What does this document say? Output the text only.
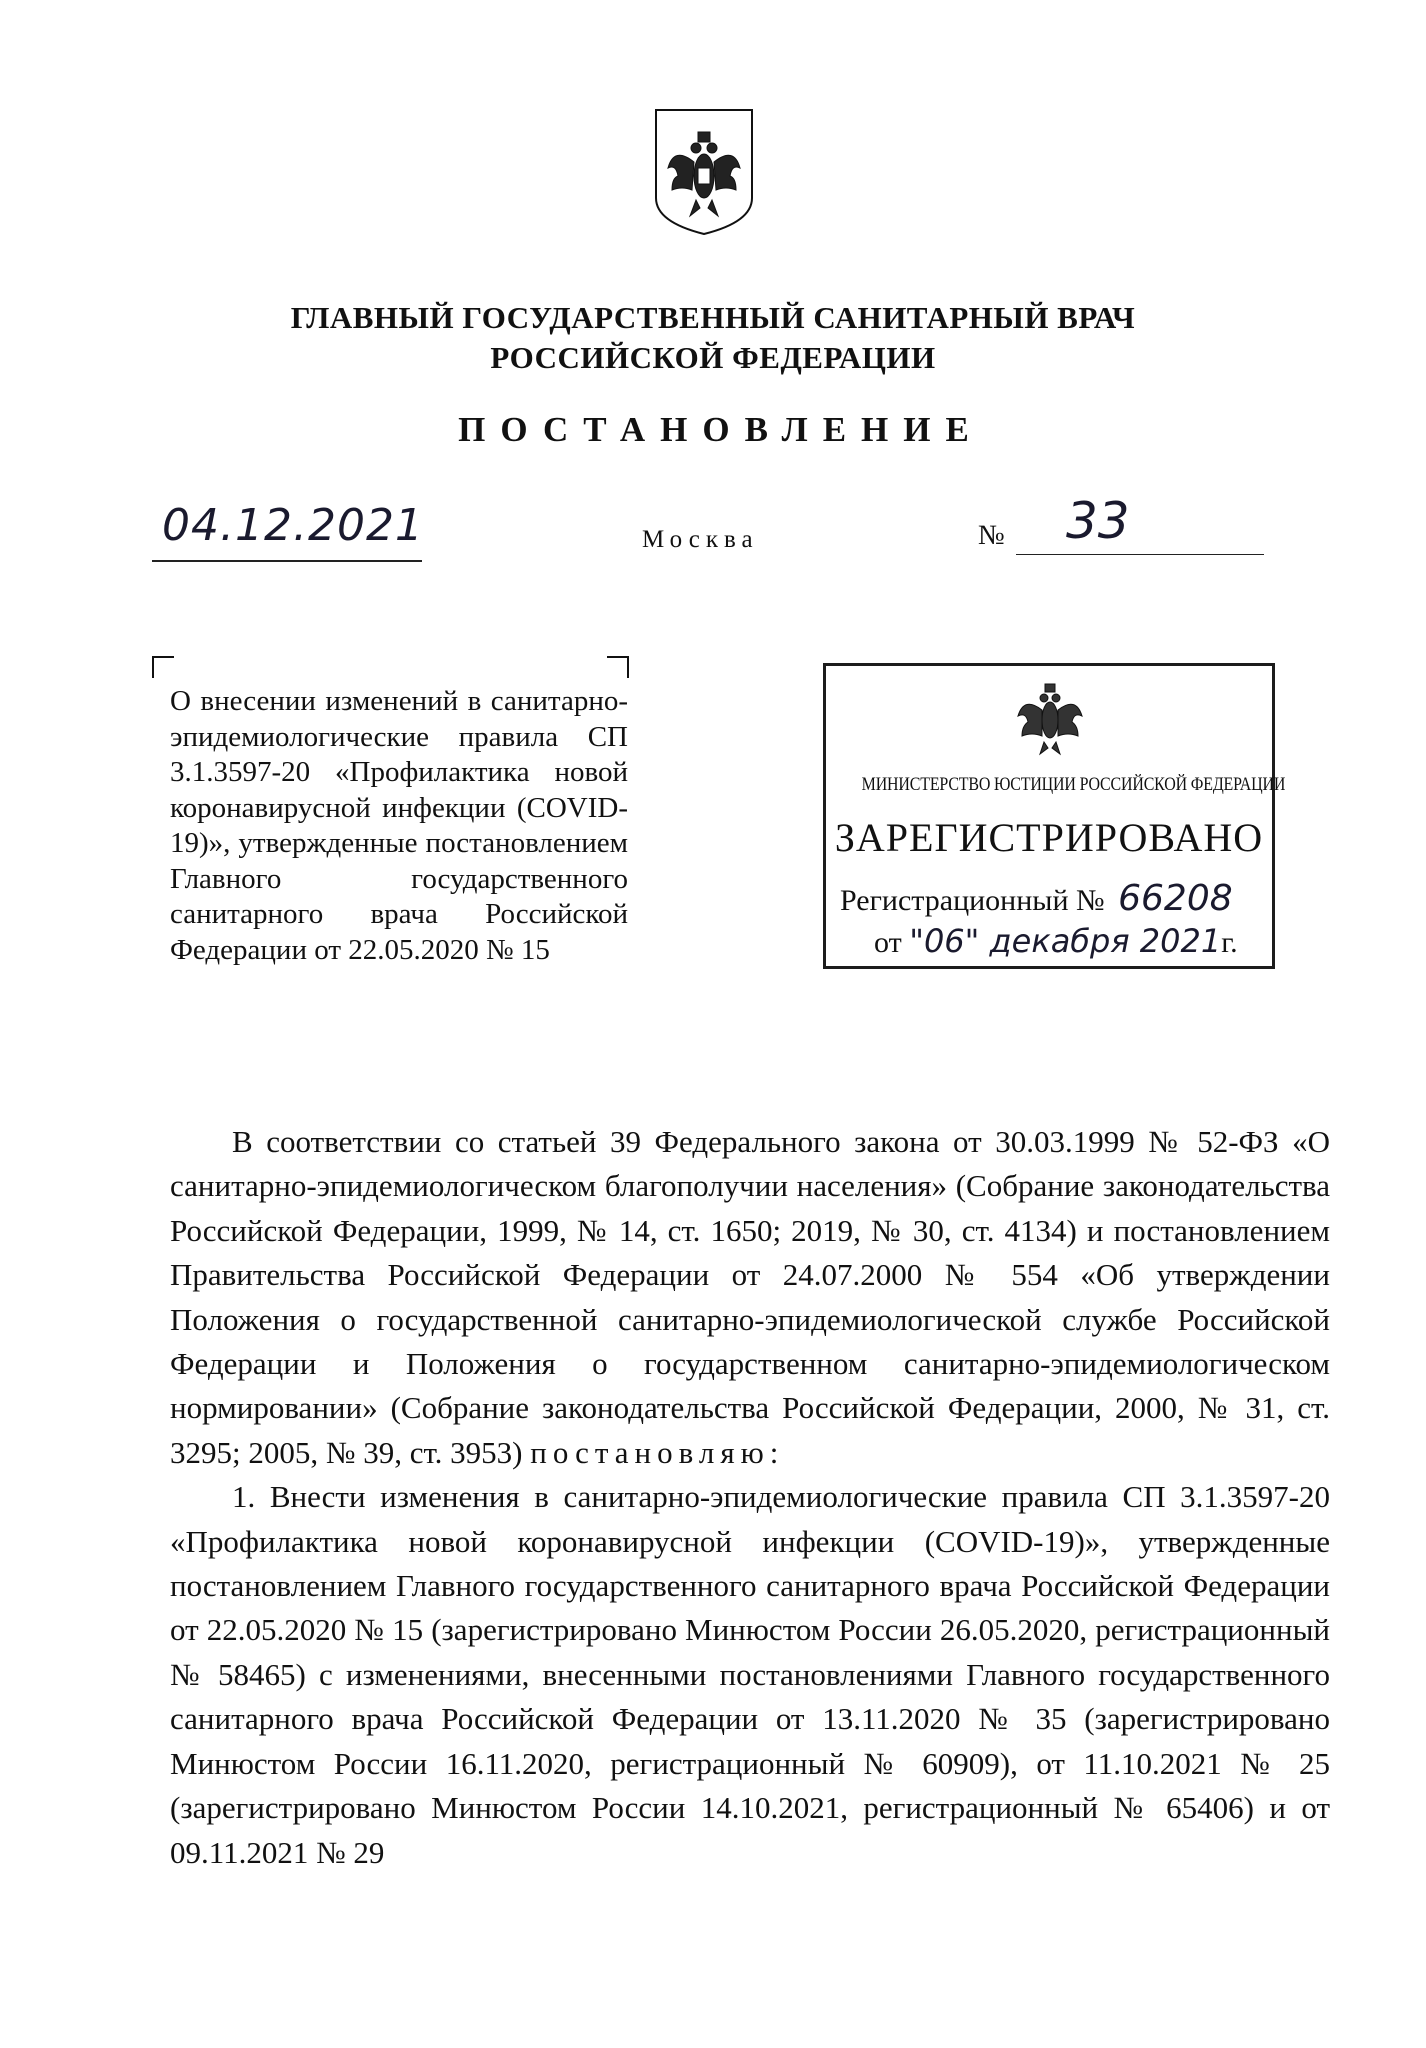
ГЛАВНЫЙ ГОСУДАРСТВЕННЫЙ САНИТАРНЫЙ ВРАЧ
РОССИЙСКОЙ ФЕДЕРАЦИИ
ПОСТАНОВЛЕНИЕ
04.12.2021	Москва	№ 33
О внесении изменений в санитарно-эпидемиологические правила СП 3.1.3597-20 «Профилактика новой коронавирусной инфекции (COVID-19)», утвержденные постановлением Главного государственного санитарного врача Российской Федерации от 22.05.2020 № 15
МИНИСТЕРСТВО ЮСТИЦИИ РОССИЙСКОЙ ФЕДЕРАЦИИ
ЗАРЕГИСТРИРОВАНО
Регистрационный № 66208
от "06" декабря 2021г.

В соответствии со статьей 39 Федерального закона от 30.03.1999 № 52-ФЗ «О санитарно-эпидемиологическом благополучии населения» (Собрание законодательства Российской Федерации, 1999, № 14, ст. 1650; 2019, № 30, ст. 4134) и постановлением Правительства Российской Федерации от 24.07.2000 № 554 «Об утверждении Положения о государственной санитарно-эпидемиологической службе Российской Федерации и Положения о государственном санитарно-эпидемиологическом нормировании» (Собрание законодательства Российской Федерации, 2000, № 31, ст. 3295; 2005, № 39, ст. 3953) постановляю:

1. Внести изменения в санитарно-эпидемиологические правила СП 3.1.3597-20 «Профилактика новой коронавирусной инфекции (COVID-19)», утвержденные постановлением Главного государственного санитарного врача Российской Федерации от 22.05.2020 № 15 (зарегистрировано Минюстом России 26.05.2020, регистрационный № 58465) с изменениями, внесенными постановлениями Главного государственного санитарного врача Российской Федерации от 13.11.2020 № 35 (зарегистрировано Минюстом России 16.11.2020, регистрационный № 60909), от 11.10.2021 № 25 (зарегистрировано Минюстом России 14.10.2021, регистрационный № 65406) и от 09.11.2021 № 29
